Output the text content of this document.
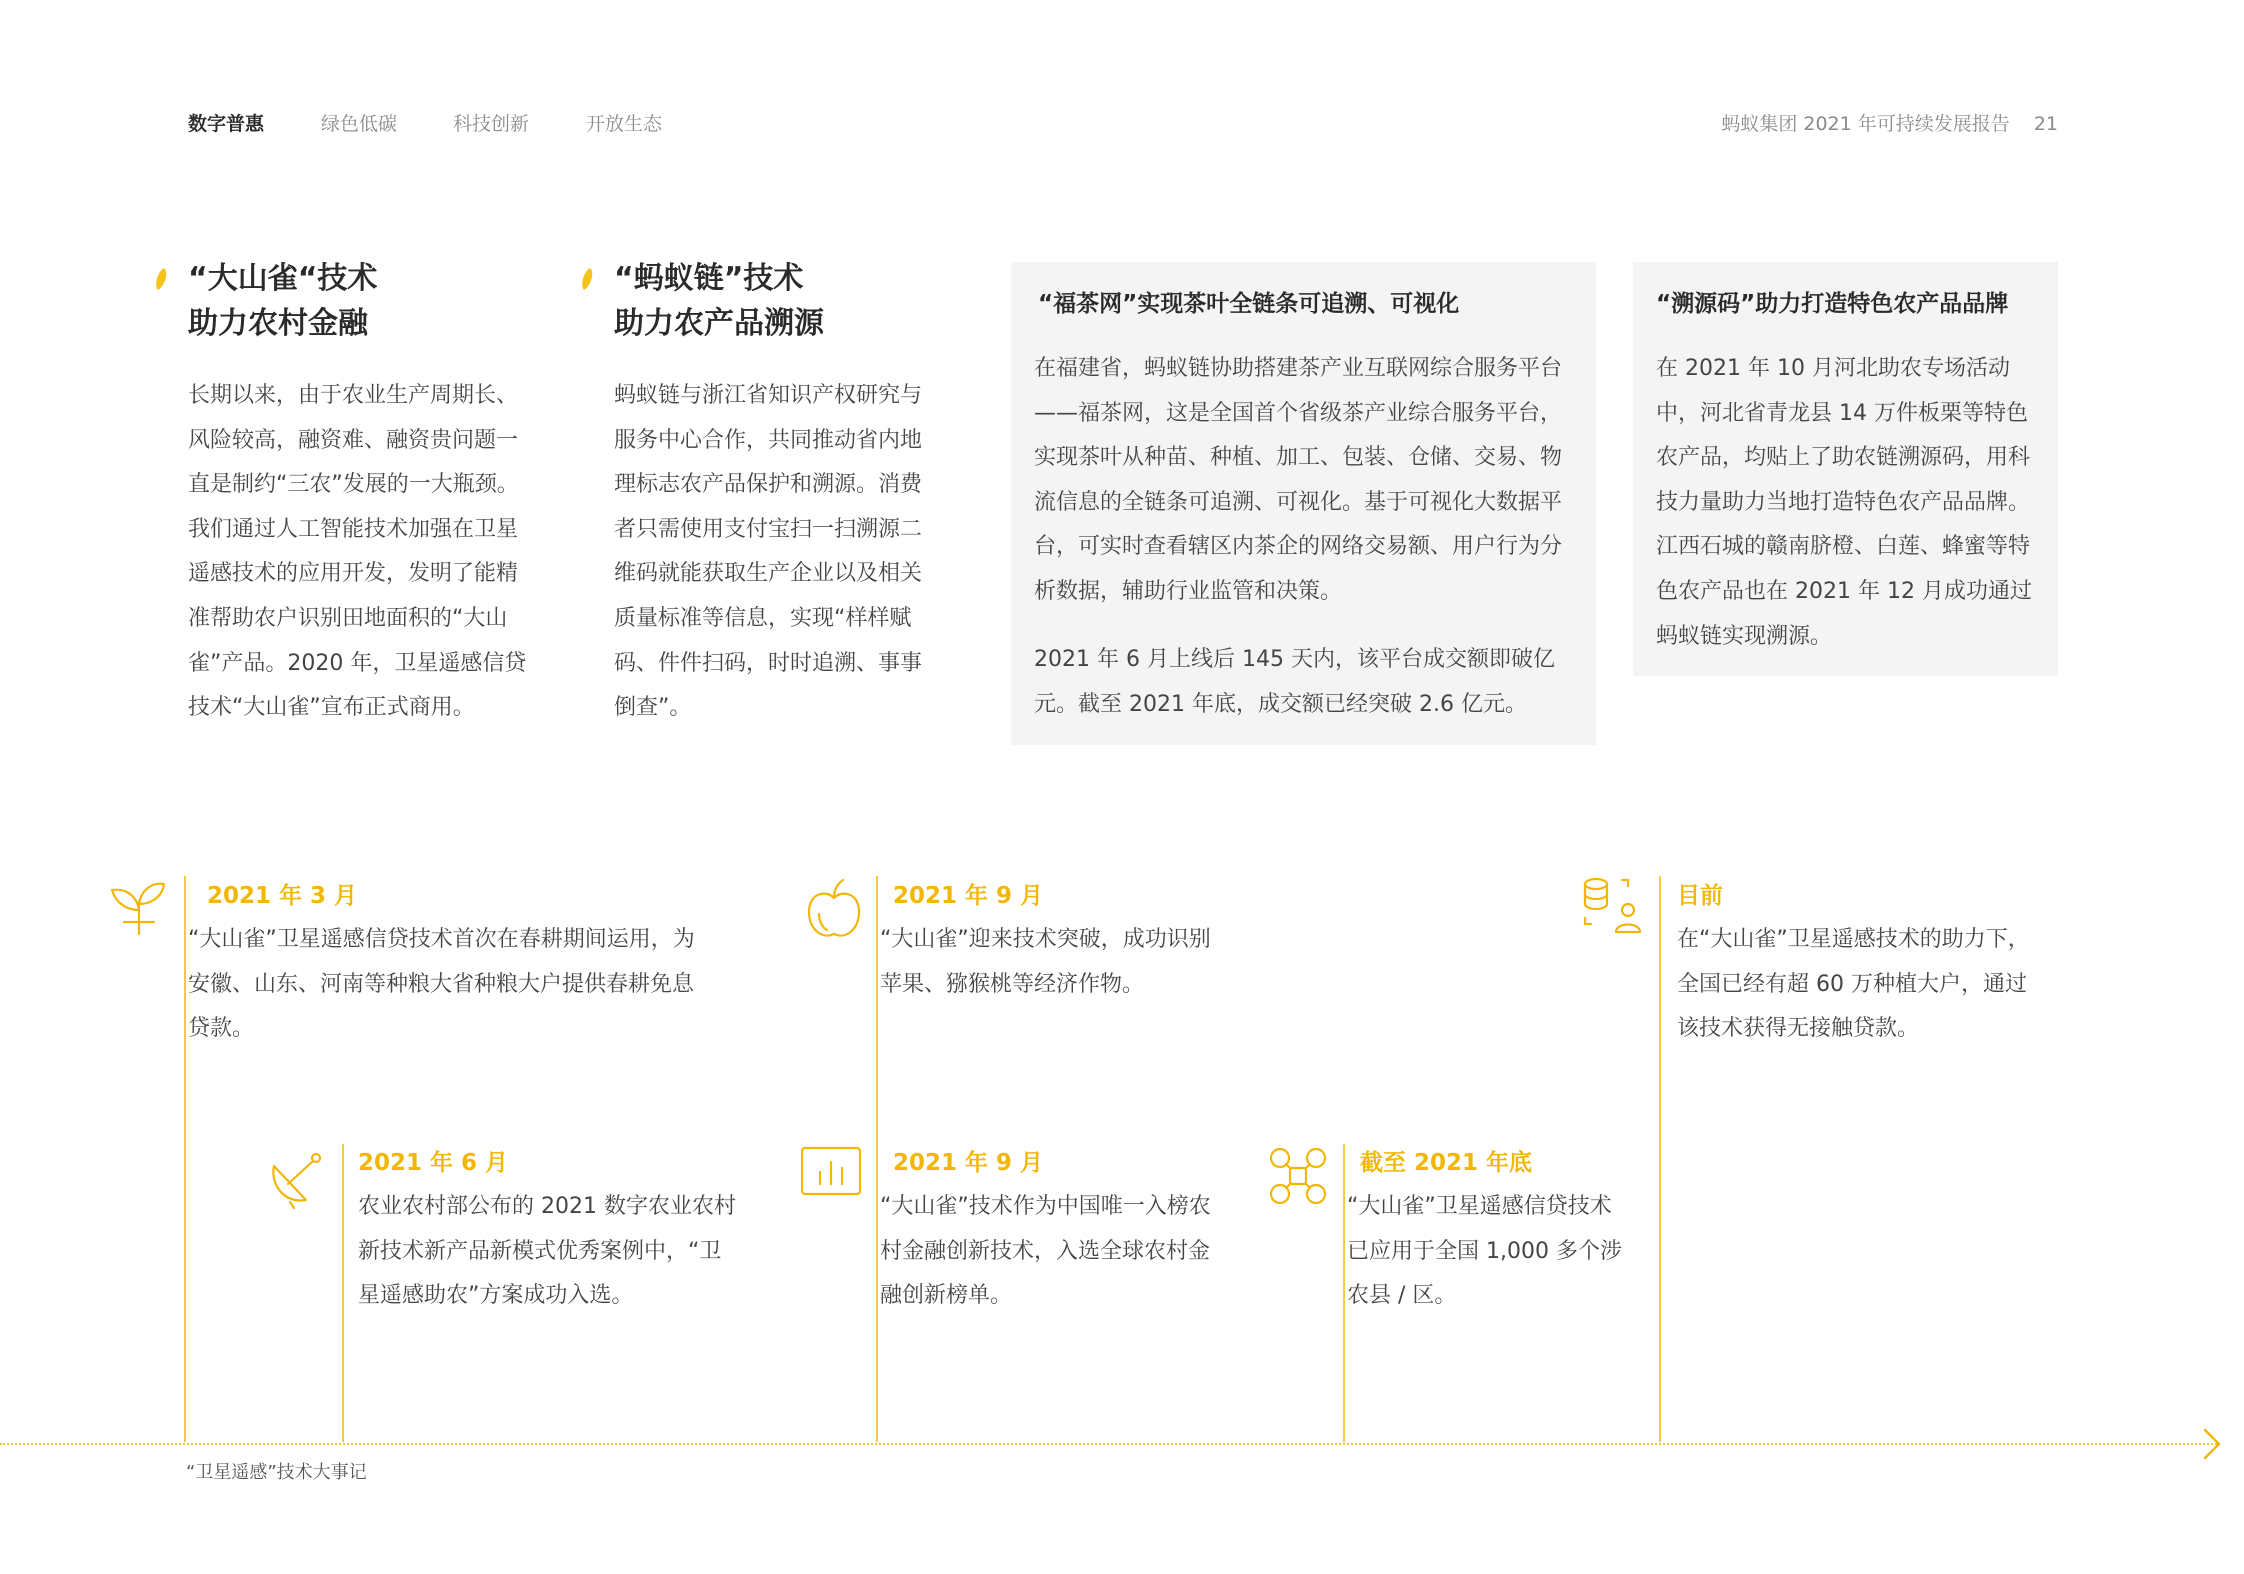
数字普惠	绿色低碳	科技创新	开放生态	蚂蚁集团 2021 年可持续发展报告 21
“大山雀“技术
助力农村金融

长期以来，由于农业生产周期长、风险较高，融资难、融资贵问题一直是制约“三农”发展的一大瓶颈。我们通过人工智能技术加强在卫星遥感技术的应用开发，发明了能精准帮助农户识别田地面积的“大山雀”产品。2020 年，卫星遥感信贷技术“大山雀”宣布正式商用。

“蚂蚁链”技术
助力农产品溯源

蚂蚁链与浙江省知识产权研究与服务中心合作，共同推动省内地理标志农产品保护和溯源。消费者只需使用支付宝扫一扫溯源二维码就能获取生产企业以及相关质量标准等信息，实现“样样赋码、件件扫码，时时追溯、事事倒查”。

“福茶网”实现茶叶全链条可追溯、可视化

在福建省，蚂蚁链协助搭建茶产业互联网综合服务平台——福茶网，这是全国首个省级茶产业综合服务平台，实现茶叶从种苗、种植、加工、包装、仓储、交易、物流信息的全链条可追溯、可视化。基于可视化大数据平台，可实时查看辖区内茶企的网络交易额、用户行为分析数据，辅助行业监管和决策。

2021 年 6 月上线后 145 天内，该平台成交额即破亿元。截至 2021 年底，成交额已经突破 2.6 亿元。

“溯源码”助力打造特色农产品品牌

在 2021 年 10 月河北助农专场活动中，河北省青龙县 14 万件板栗等特色农产品，均贴上了助农链溯源码，用科技力量助力当地打造特色农产品品牌。江西石城的赣南脐橙、白莲、蜂蜜等特色农产品也在 2021 年 12 月成功通过蚂蚁链实现溯源。

2021 年 3 月

“大山雀”卫星遥感信贷技术首次在春耕期间运用，为安徽、山东、河南等种粮大省种粮大户提供春耕免息贷款。

2021 年 6 月

农业农村部公布的 2021 数字农业农村新技术新产品新模式优秀案例中，“卫星遥感助农”方案成功入选。

2021 年 9 月

“大山雀”迎来技术突破，成功识别苹果、猕猴桃等经济作物。

2021 年 9 月

“大山雀”技术作为中国唯一入榜农村金融创新技术，入选全球农村金融创新榜单。

截至 2021 年底

“大山雀”卫星遥感信贷技术已应用于全国 1,000 多个涉农县 / 区。

目前

在“大山雀”卫星遥感技术的助力下，全国已经有超 60 万种植大户，通过该技术获得无接触贷款。

“卫星遥感”技术大事记
